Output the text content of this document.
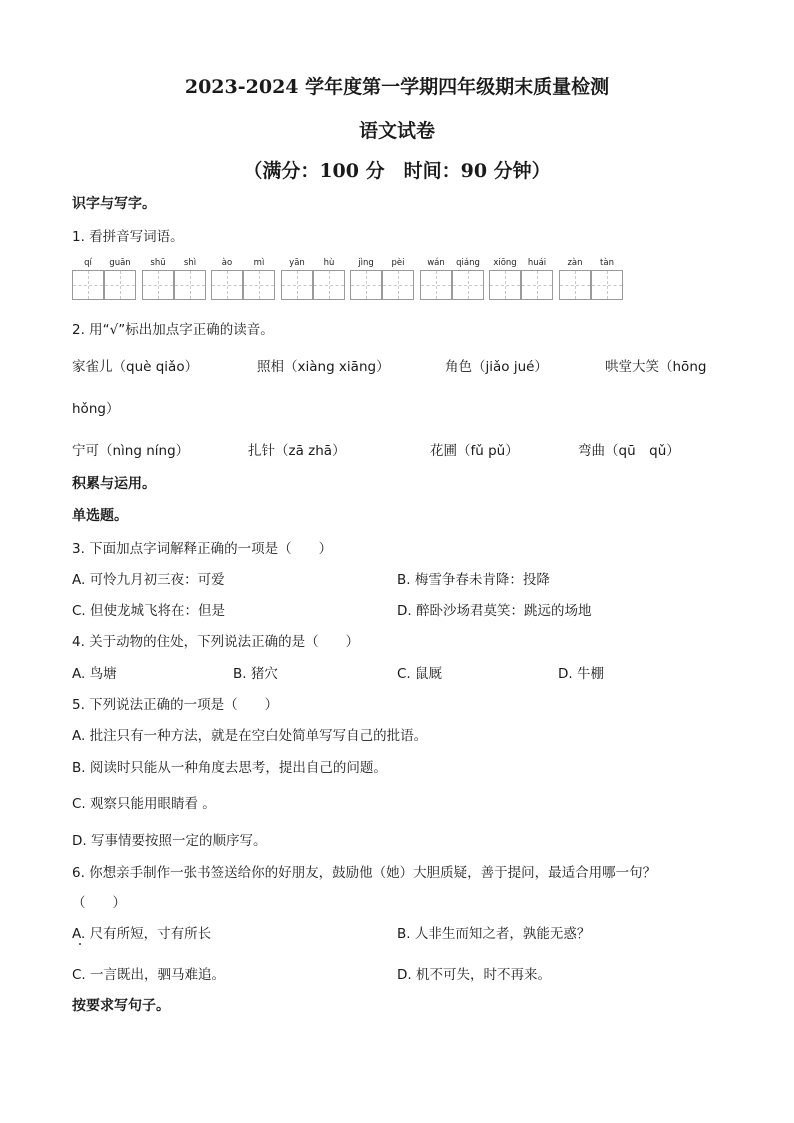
2023-2024 学年度第一学期四年级期末质量检测
语文试卷
（满分：100 分　时间：90 分钟）
识字与写字。
1. 看拼音写词语。
qí	guān	shū	shì	ào	mì	yān	hù	jìng	pèi	wán	qiáng	xiōng	huái	zàn	tàn
2. 用“√”标出加点字正确的读音。
家雀儿（què qiǎo）	照相（xiàng xiāng）	角色（jiǎo jué）	哄堂大笑（hōng
hǒng）
宁可（nìng níng）	扎针（zā zhā）	花圃（fǔ pǔ）	弯曲（qū　qǔ）
积累与运用。
单选题。
3. 下面加点字词解释正确的一项是（　　）
A. 可怜九月初三夜：可爱	B. 梅雪争春未肯降：投降
C. 但使龙城飞将在：但是	D. 醉卧沙场君莫笑：跳远的场地
4. 关于动物的住处，下列说法正确的是（　　）
A. 鸟塘	B. 猪穴	C. 鼠厩	D. 牛棚
5. 下列说法正确的一项是（　　）
A. 批注只有一种方法，就是在空白处简单写写自己的批语。
B. 阅读时只能从一种角度去思考，提出自己的问题。
C. 观察只能用眼睛看 。
D. 写事情要按照一定的顺序写。
6. 你想亲手制作一张书签送给你的好朋友，鼓励他（她）大胆质疑，善于提问，最适合用哪一句？
（　　）
A. 尺有所短，寸有所长	B. 人非生而知之者，孰能无惑？
C. 一言既出，驷马难追。	D. 机不可失，时不再来。
按要求写句子。
